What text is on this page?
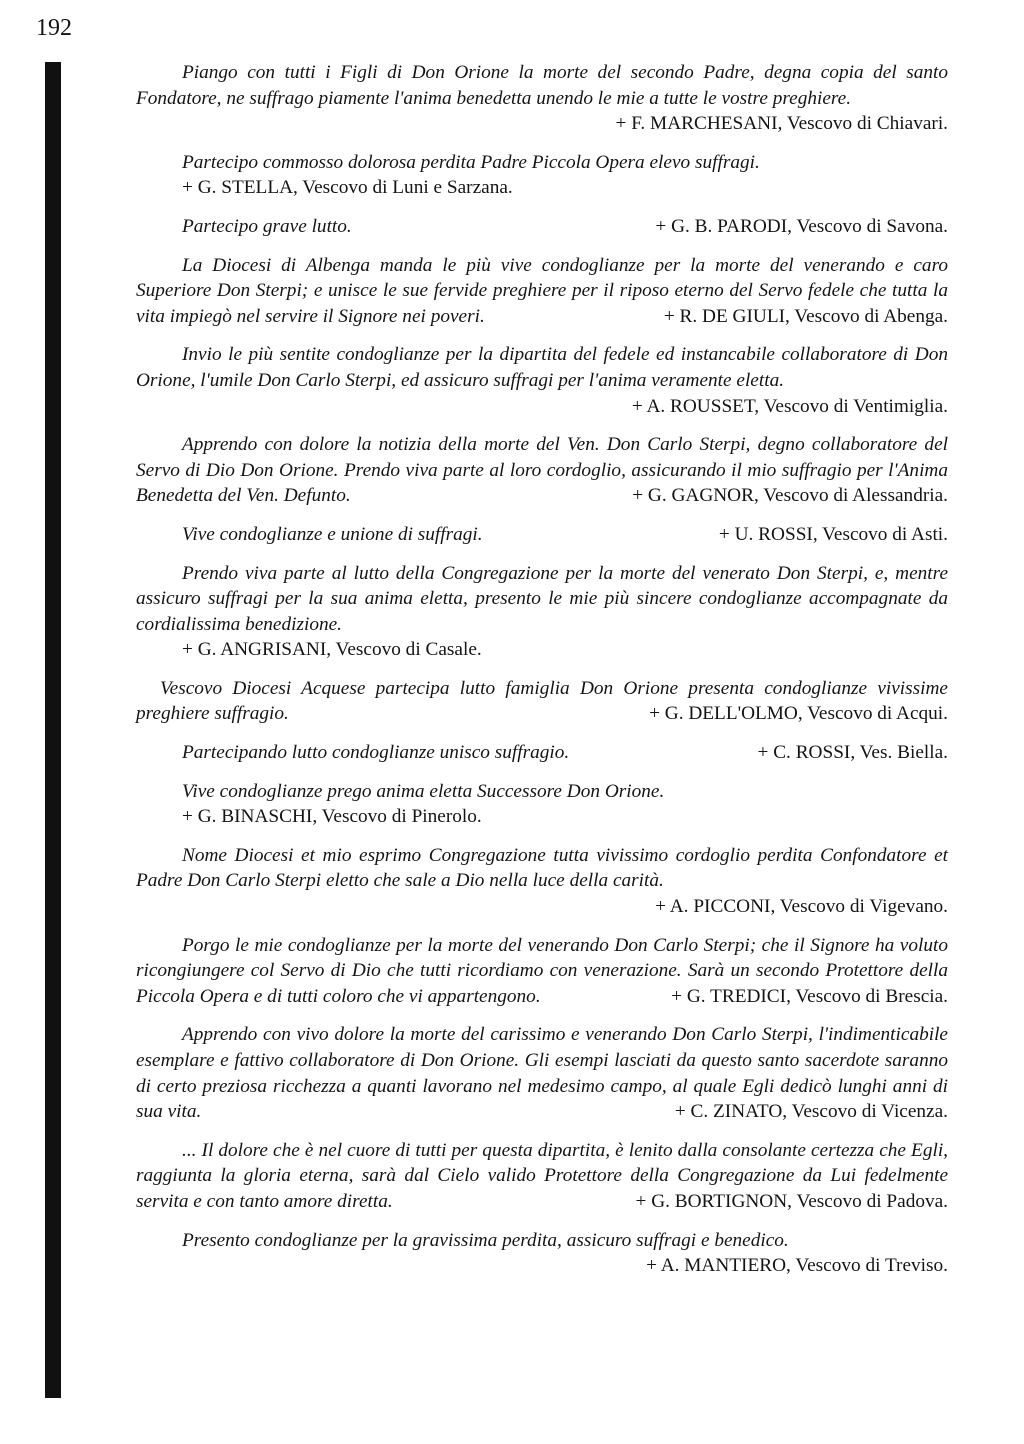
192

Piango con tutti i Figli di Don Orione la morte del secondo Padre, degna copia del santo Fondatore, ne suffrago piamente l'anima benedetta unendo le mie a tutte le vostre preghiere.
+ F. MARCHESANI, Vescovo di Chiavari.

Partecipo commosso dolorosa perdita Padre Piccola Opera elevo suffragi.
+ G. STELLA, Vescovo di Luni e Sarzana.

Partecipo grave lutto.	+ G. B. PARODI, Vescovo di Savona.

La Diocesi di Albenga manda le più vive condoglianze per la morte del venerando e caro Superiore Don Sterpi; e unisce le sue fervide preghiere per il riposo eterno del Servo fedele che tutta la vita impiegò nel servire il Signore nei poveri.	+ R. DE GIULI, Vescovo di Abenga.

Invio le più sentite condoglianze per la dipartita del fedele ed instancabile collaboratore di Don Orione, l'umile Don Carlo Sterpi, ed assicuro suffragi per l'anima veramente eletta.
+ A. ROUSSET, Vescovo di Ventimiglia.

Apprendo con dolore la notizia della morte del Ven. Don Carlo Sterpi, degno collaboratore del Servo di Dio Don Orione. Prendo viva parte al loro cordoglio, assicurando il mio suffragio per l'Anima Benedetta del Ven. Defunto.	+ G. GAGNOR, Vescovo di Alessandria.

Vive condoglianze e unione di suffragi.	+ U. ROSSI, Vescovo di Asti.

Prendo viva parte al lutto della Congregazione per la morte del venerato Don Sterpi, e, mentre assicuro suffragi per la sua anima eletta, presento le mie più sincere condoglianze accompagnate da cordialissima benedizione.
+ G. ANGRISANI, Vescovo di Casale.

Vescovo Diocesi Acquese partecipa lutto famiglia Don Orione presenta condoglianze vivissime preghiere suffragio.	+ G. DELL'OLMO, Vescovo di Acqui.

Partecipando lutto condoglianze unisco suffragio.	+ C. ROSSI, Ves. Biella.

Vive condoglianze prego anima eletta Successore Don Orione.
+ G. BINASCHI, Vescovo di Pinerolo.

Nome Diocesi et mio esprimo Congregazione tutta vivissimo cordoglio perdita Confondatore et Padre Don Carlo Sterpi eletto che sale a Dio nella luce della carità.
+ A. PICCONI, Vescovo di Vigevano.

Porgo le mie condoglianze per la morte del venerando Don Carlo Sterpi; che il Signore ha voluto ricongiungere col Servo di Dio che tutti ricordiamo con venerazione. Sarà un secondo Protettore della Piccola Opera e di tutti coloro che vi appartengono.	+ G. TREDICI, Vescovo di Brescia.

Apprendo con vivo dolore la morte del carissimo e venerando Don Carlo Sterpi, l'indimenticabile esemplare e fattivo collaboratore di Don Orione. Gli esempi lasciati da questo santo sacerdote saranno di certo preziosa ricchezza a quanti lavorano nel medesimo campo, al quale Egli dedicò lunghi anni di sua vita.	+ C. ZINATO, Vescovo di Vicenza.

... Il dolore che è nel cuore di tutti per questa dipartita, è lenito dalla consolante certezza che Egli, raggiunta la gloria eterna, sarà dal Cielo valido Protettore della Congregazione da Lui fedelmente servita e con tanto amore diretta.	+ G. BORTIGNON, Vescovo di Padova.

Presento condoglianze per la gravissima perdita, assicuro suffragi e benedico.
+ A. MANTIERO, Vescovo di Treviso.
